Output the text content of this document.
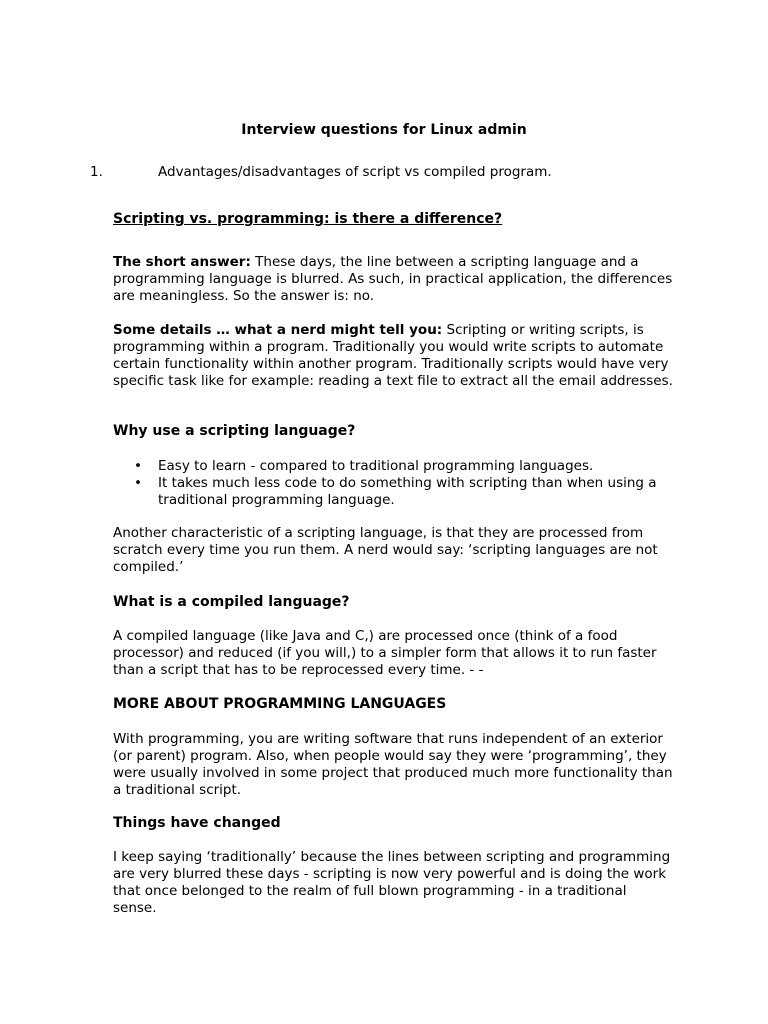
Interview questions for Linux admin

1.	Advantages/disadvantages of script vs compiled program.

Scripting vs. programming: is there a difference?

The short answer: These days, the line between a scripting language and a programming language is blurred. As such, in practical application, the differences are meaningless. So the answer is: no.

Some details … what a nerd might tell you: Scripting or writing scripts, is programming within a program. Traditionally you would write scripts to automate certain functionality within another program. Traditionally scripts would have very specific task like for example: reading a text file to extract all the email addresses.

Why use a scripting language?

• Easy to learn - compared to traditional programming languages.
• It takes much less code to do something with scripting than when using a traditional programming language.

Another characteristic of a scripting language, is that they are processed from scratch every time you run them. A nerd would say: ‘scripting languages are not compiled.’

What is a compiled language?

A compiled language (like Java and C,) are processed once (think of a food processor) and reduced (if you will,) to a simpler form that allows it to run faster than a script that has to be reprocessed every time. - -

MORE ABOUT PROGRAMMING LANGUAGES

With programming, you are writing software that runs independent of an exterior (or parent) program. Also, when people would say they were ‘programming’, they were usually involved in some project that produced much more functionality than a traditional script.

Things have changed

I keep saying ‘traditionally’ because the lines between scripting and programming are very blurred these days - scripting is now very powerful and is doing the work that once belonged to the realm of full blown programming - in a traditional sense.
